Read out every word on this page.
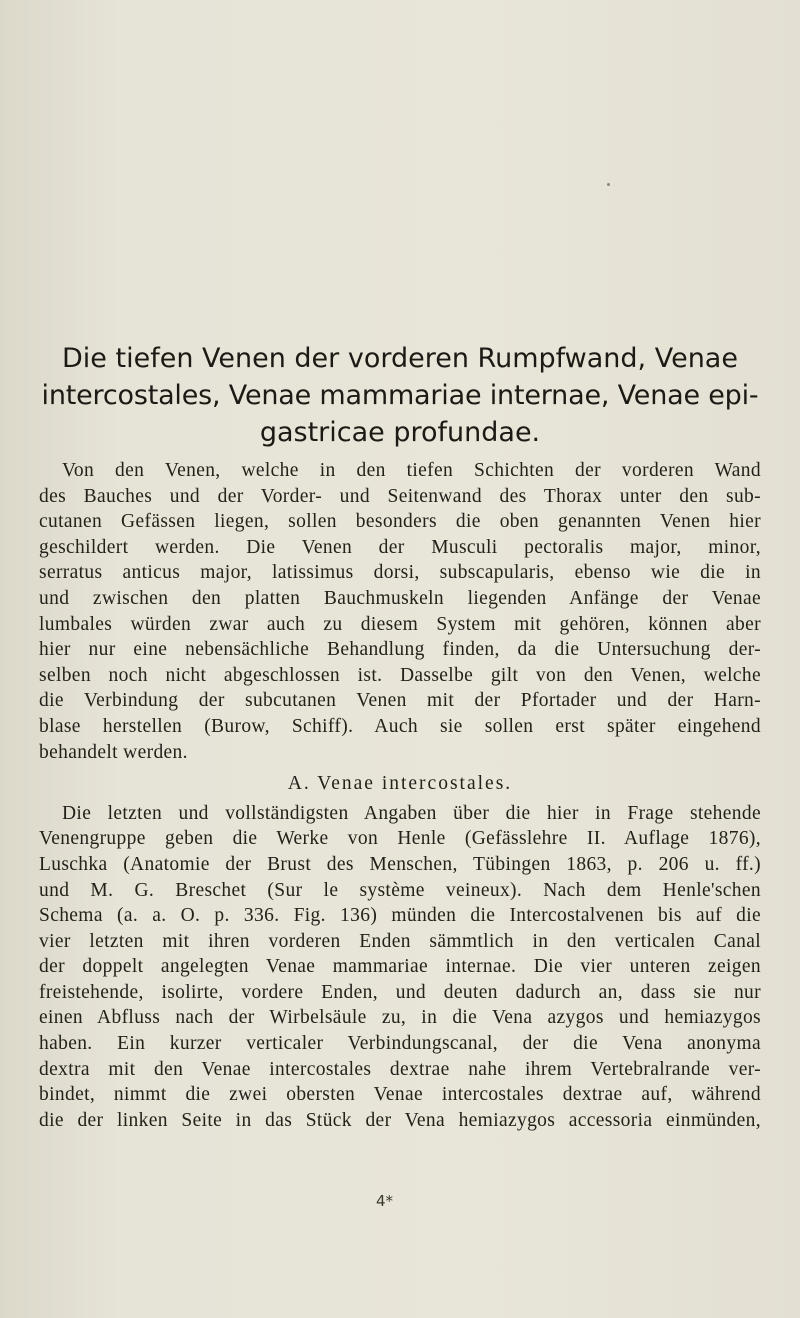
Die tiefen Venen der vorderen Rumpfwand, Venae
intercostales, Venae mammariae internae, Venae epi-
gastricae profundae.
Von den Venen, welche in den tiefen Schichten der vorderen Wand
des Bauches und der Vorder- und Seitenwand des Thorax unter den sub-
cutanen Gefässen liegen, sollen besonders die oben genannten Venen hier
geschildert werden. Die Venen der Musculi pectoralis major, minor,
serratus anticus major, latissimus dorsi, subscapularis, ebenso wie die in
und zwischen den platten Bauchmuskeln liegenden Anfänge der Venae
lumbales würden zwar auch zu diesem System mit gehören, können aber
hier nur eine nebensächliche Behandlung finden, da die Untersuchung der-
selben noch nicht abgeschlossen ist. Dasselbe gilt von den Venen, welche
die Verbindung der subcutanen Venen mit der Pfortader und der Harn-
blase herstellen (Burow, Schiff). Auch sie sollen erst später eingehend
behandelt werden.
A. Venae intercostales.
Die letzten und vollständigsten Angaben über die hier in Frage stehende
Venengruppe geben die Werke von Henle (Gefässlehre II. Auflage 1876),
Luschka (Anatomie der Brust des Menschen, Tübingen 1863, p. 206 u. ff.)
und M. G. Breschet (Sur le système veineux). Nach dem Henle'schen
Schema (a. a. O. p. 336. Fig. 136) münden die Intercostalvenen bis auf die
vier letzten mit ihren vorderen Enden sämmtlich in den verticalen Canal
der doppelt angelegten Venae mammariae internae. Die vier unteren zeigen
freistehende, isolirte, vordere Enden, und deuten dadurch an, dass sie nur
einen Abfluss nach der Wirbelsäule zu, in die Vena azygos und hemiazygos
haben. Ein kurzer verticaler Verbindungscanal, der die Vena anonyma
dextra mit den Venae intercostales dextrae nahe ihrem Vertebralrande ver-
bindet, nimmt die zwei obersten Venae intercostales dextrae auf, während
die der linken Seite in das Stück der Vena hemiazygos accessoria einmünden,
4*
